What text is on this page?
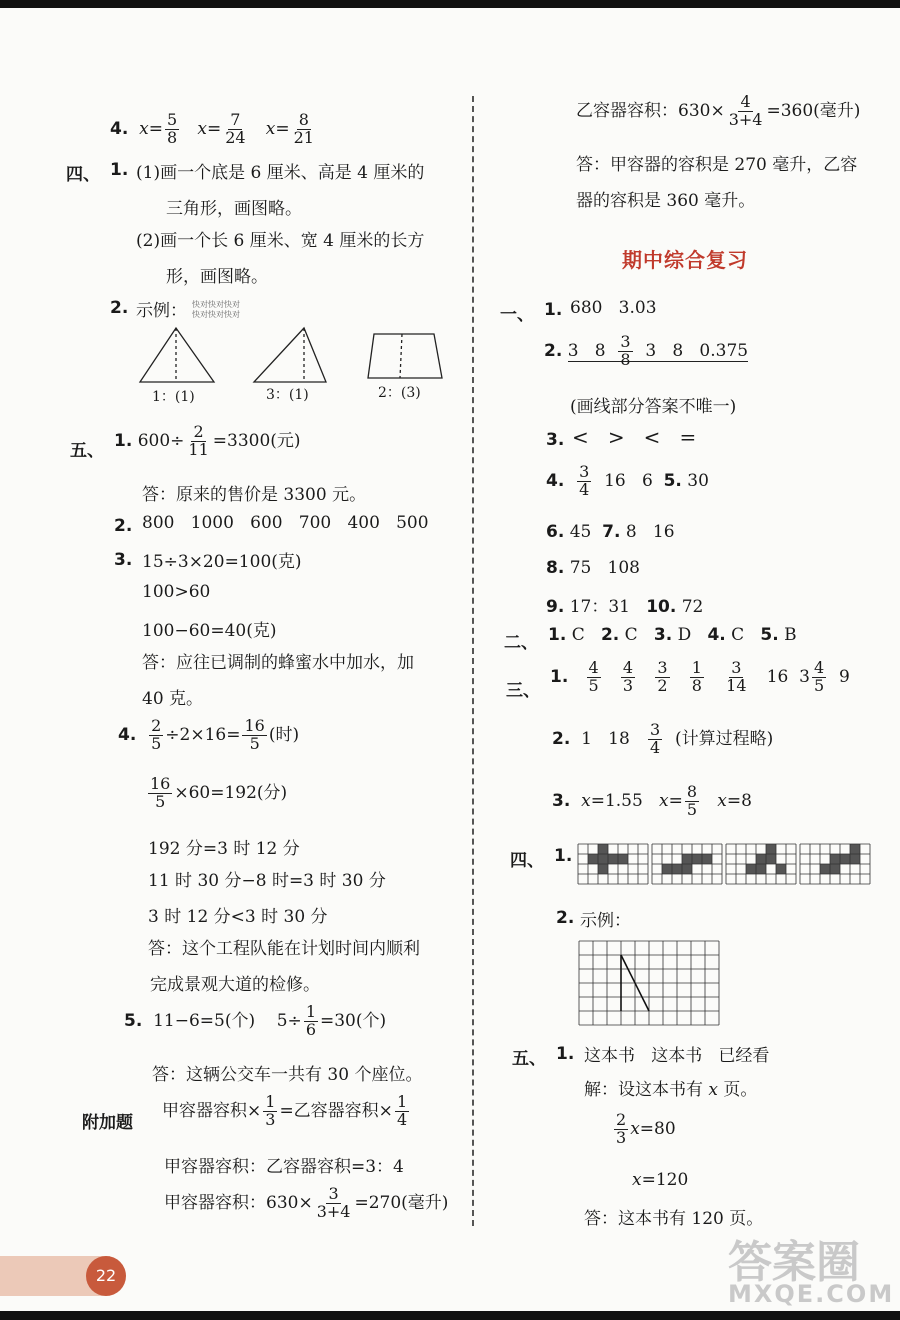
4. $x= \frac{5}{8} x= \frac{7}{24} x= \frac{8}{21}$
四、 1. (1)画一个底是 6 厘米、高是 4 厘米的
三角形，画图略。
(2)画一个长 6 厘米、宽 4 厘米的长方
形，画图略。
2. 示例： 快对快对快对
快对快对快对
1：(1)	3：(1)	2：(3)
五、
1. $600\div \frac{2}{11} =3300$(元)
答：原来的售价是 3300 元。
2. 800   1000   600   700   400   500
3. 15÷3×20=100(克)
100>60
100−60=40(克)
答：应往已调制的蜂蜜水中加水，加
40 克。
4. $\frac{2}{5} \div 2\times 16= \frac{16}{5}$ (时)
$\frac{16}{5} \times 60=192$(分)
192 分=3 时 12 分
11 时 30 分−8 时=3 时 30 分
3 时 12 分<3 时 30 分
答：这个工程队能在计划时间内顺利
完成景观大道的检修。
5. 11−6=5(个)    $5\div \frac{1}{6} =30$(个)
答：这辆公交车一共有 30 个座位。
附加题
甲容器容积× $\frac{1}{3}$ =乙容器容积× $\frac{1}{4}$
甲容器容积：乙容器容积=3：4
甲容器容积：$630\times \frac{3}{3+4} =270$(毫升)
乙容器容积：$630\times \frac{4}{3+4} =360$(毫升)
答：甲容器的容积是 270 毫升，乙容
器的容积是 360 毫升。
期中综合复习
一、 1. 680   3.03
2. 3   $8 \frac{3}{8} 3$   8   0.375
(画线部分答案不唯一)
3. <   >   <   =
4. $\frac{3}{4} 16$   6 5. 30
6. 45 7. 8   16
8. 75   108
9. 17：31 10. 72
二、 1. C 2. C 3. D 4. C 5. B
三、
1. $\frac{4}{5}$
$\frac{4}{3}$
$\frac{3}{2}$
$\frac{1}{8}$
$\frac{3}{14} 16$ $3 \frac{4}{5} 9$
2. 1   $18 \frac{3}{4}$ (计算过程略)
3. x=1.55 $x= \frac{8}{5} x=8$
四、 1.
2. 示例：
五、 1. 这本书   这本书   已经看
解：设这本书有 x 页。
$\frac{2}{3} x=80$
x=120
答：这本书有 120 页。
22	答案圈
MXQE.COM
